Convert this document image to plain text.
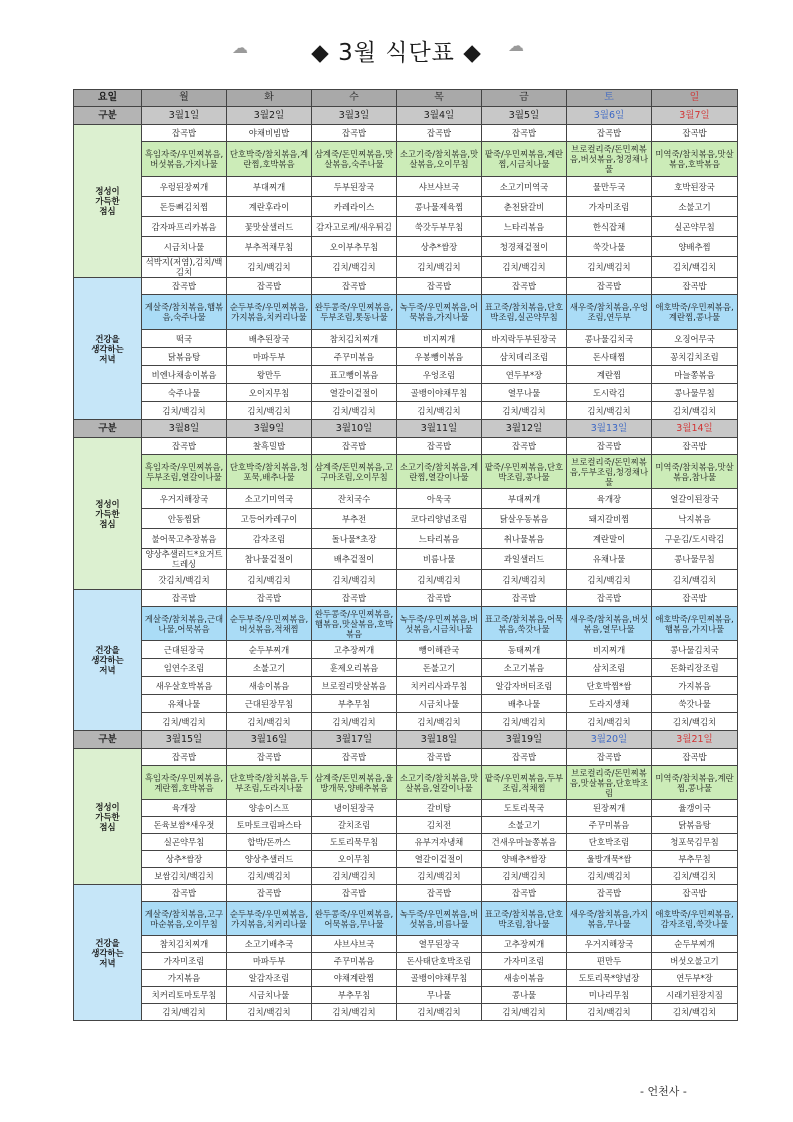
☁	☁
◆ 3월 식단표 ◆
요일	월	화	수	목	금	토	일
구분	3월1일	3월2일	3월3일	3월4일	3월5일	3월6일	3월7일
정성이
가득한
점심	잡곡밥	야채비빔밥	잡곡밥	잡곡밥	잡곡밥	잡곡밥	잡곡밥
	흑임자죽/우민찌볶음,버섯볶음,가지나물	단호박죽/참치볶음,계란찜,호박볶음	삼계죽/돈민찌볶음,맛살볶음,숙주나물	소고기죽/참치볶음,맛살볶음,오이무침	팥죽/우민찌볶음,계란찜,시금치나물	브로컬리죽/돈민찌볶음,버섯볶음,청경채나물	미역죽/참치볶음,맛살볶음,호박볶음
	우렁된장찌개	부대찌개	두부된장국	샤브샤브국	소고기미역국	물만두국	호박된장국
	돈등뼈김치찜	계란후라이	카레라이스	콩나물제육찜	춘천닭갈비	가자미조림	소불고기
	감자파프리카볶음	꽃맛살샐러드	감자고로케/새우튀김	쑥갓두부무침	느타리볶음	한식잡채	실곤약무침
	시금치나물	부추적채무침	오이부추무침	상추*쌈장	청경채겉절이	쑥갓나물	양배추찜
	석박지(저염),김치/백김치	김치/백김치	김치/백김치	김치/백김치	김치/백김치	김치/백김치	김치/백김치
건강을
생각하는
저녁	잡곡밥	잡곡밥	잡곡밥	잡곡밥	잡곡밥	잡곡밥	잡곡밥
	게살죽/참치볶음,햄볶음,숙주나물	순두부죽/우민찌볶음,가지볶음,치커리나물	완두콩죽/우민찌볶음,두부조림,톳동나물	녹두죽/우민찌볶음,어묵볶음,가지나물	표고죽/참치볶음,단호박조림,실곤약무침	새우죽/참치볶음,우엉조림,연두부	애호박죽/우민찌볶음,계란찜,콩나물
	떡국	배추된장국	참치김치찌개	비지찌개	바지락두부된장국	콩나물김치국	오징어무국
	닭볶음탕	마파두부	주꾸미볶음	우봉뺑이볶음	삼치데리조림	돈사태찜	꽁치김치조림
	비엔나채송이볶음	왕만두	표고뺑이볶음	우엉조림	연두부*장	계란찜	마늘쫑볶음
	숙주나물	오이지무침	열갈이겉절이	골뱅이야채무침	열무나물	도시락김	콩나물무침
	김치/백김치	김치/백김치	김치/백김치	김치/백김치	김치/백김치	김치/백김치	김치/백김치
구분	3월8일	3월9일	3월10일	3월11일	3월12일	3월13일	3월14일
정성이
가득한
점심	잡곡밥	찰흑밀밥	잡곡밥	잡곡밥	잡곡밥	잡곡밥	잡곡밥
	흑임자죽/우민찌볶음,두부조림,열갈이나물	단호박죽/참치볶음,청포묵,배추나물	삼계죽/돈민찌볶음,고구마조림,오이무침	소고기죽/참치볶음,계란찜,열갈이나물	팥죽/우민찌볶음,단호박조림,콩나물	브로컬리죽/돈민찌볶음,두부조림,청경채나물	미역죽/참치볶음,맛살볶음,참나물
	우거지해장국	소고기미역국	잔치국수	아욱국	부대찌개	육개장	얼갈이된장국
	안동찜닭	고등어카레구이	부추전	코다리양념조림	닭살우동볶음	돼지갈비찜	낙지볶음
	불어묵고추장볶음	감자조림	돌나물*초장	느타리볶음	취나물볶음	계란말이	구운김/도시락김
	양상추샐러드*요거트드레싱	참나물겉절이	배추겉절이	비름나물	과일샐러드	유채나물	콩나물무침
	갓김치/백김치	김치/백김치	김치/백김치	김치/백김치	김치/백김치	김치/백김치	김치/백김치
건강을
생각하는
저녁	잡곡밥	잡곡밥	잡곡밥	잡곡밥	잡곡밥	잡곡밥	잡곡밥
	게살죽/참치볶음,근대나물,어묵볶음	순두부죽/우민찌볶음,버섯볶음,적채찜	완두콩죽/우민찌볶음,햄볶음,맛살볶음,호박볶음	녹두죽/우민찌볶음,버섯볶음,시금치나물	표고죽/참치볶음,어묵볶음,쑥갓나물	새우죽/참치볶음,버섯볶음,열무나물	애호박죽/우민찌볶음,햄볶음,가지나물
	근대된장국	순두부찌개	고추장찌개	뺑이해관국	동태찌개	비지찌개	콩나물김치국
	임연수조림	소불고기	훈제오리볶음	돈불고기	소고기볶음	삼치조림	돈화리장조림
	새우살호박볶음	새송이볶음	브로컬리맛살볶음	치커리사과무침	알감자버터조림	단호박찜*쌈	가지볶음
	유채나물	근대된장무침	부추무침	시금치나물	배추나물	도라지생채	쑥갓나물
	김치/백김치	김치/백김치	김치/백김치	김치/백김치	김치/백김치	김치/백김치	김치/백김치
구분	3월15일	3월16일	3월17일	3월18일	3월19일	3월20일	3월21일
정성이
가득한
점심	잡곡밥	잡곡밥	잡곡밥	잡곡밥	잡곡밥	잡곡밥	잡곡밥
	흑임자죽/우민찌볶음,계란찜,호박볶음	단호박죽/참치볶음,두부조림,도라지나물	삼계죽/돈민찌볶음,울방개묵,양배추볶음	소고기죽/참치볶음,맛살볶음,얼갈이나물	팥죽/우민찌볶음,두부조림,적채찜	브로컬리죽/돈민찌볶음,맛살볶음,단호박조림	미역죽/참치볶음,계란찜,콩나물
	육개장	양송이스프	냉이된장국	갈비탕	도토리묵국	된장찌개	율갱이국
	돈육보쌈*새우젓	토마토크림파스타	갈치조림	김치전	소불고기	주꾸미볶음	닭볶음탕
	실곤약무침	합박/돈까스	도토리묵무침	유부겨자냉채	건새우마늘쫑볶음	단호박조림	청포묵김무침
	상추*쌈장	양상추샐러드	오이무침	열갈이겉절이	양배추*쌈장	울방개묵*쌈	부추무침
	보쌈김치/백김치	김치/백김치	김치/백김치	김치/백김치	김치/백김치	김치/백김치	김치/백김치
건강을
생각하는
저녁	잡곡밥	잡곡밥	잡곡밥	잡곡밥	잡곡밥	잡곡밥	잡곡밥
	게살죽/참치볶음,고구마순볶음,오이무침	순두부죽/우민찌볶음,가지볶음,치커리나물	완두콩죽/우민찌볶음,어묵볶음,무나물	녹두죽/우민찌볶음,버섯볶음,비름나물	표고죽/참치볶음,단호박조림,참나물	새우죽/참치볶음,가지볶음,무나물	애호박죽/우민찌볶음,감자조림,쑥갓나물
	참치김치찌개	소고기배추국	샤브샤브국	열무된장국	고추장찌개	우거지해장국	순두부찌개
	가자미조림	마파두부	주꾸미볶음	돈사태단호박조림	가자미조림	편만두	버섯오불고기
	가지볶음	알감자조림	야채계란찜	골뱅이야채무침	새송이볶음	도토리묵*양념장	연두부*장
	치커리토마토무침	시금치나물	부추무침	무나물	콩나물	미나리무침	시래기된장지짐
	김치/백김치	김치/백김치	김치/백김치	김치/백김치	김치/백김치	김치/백김치	김치/백김치
- 언천사 -
